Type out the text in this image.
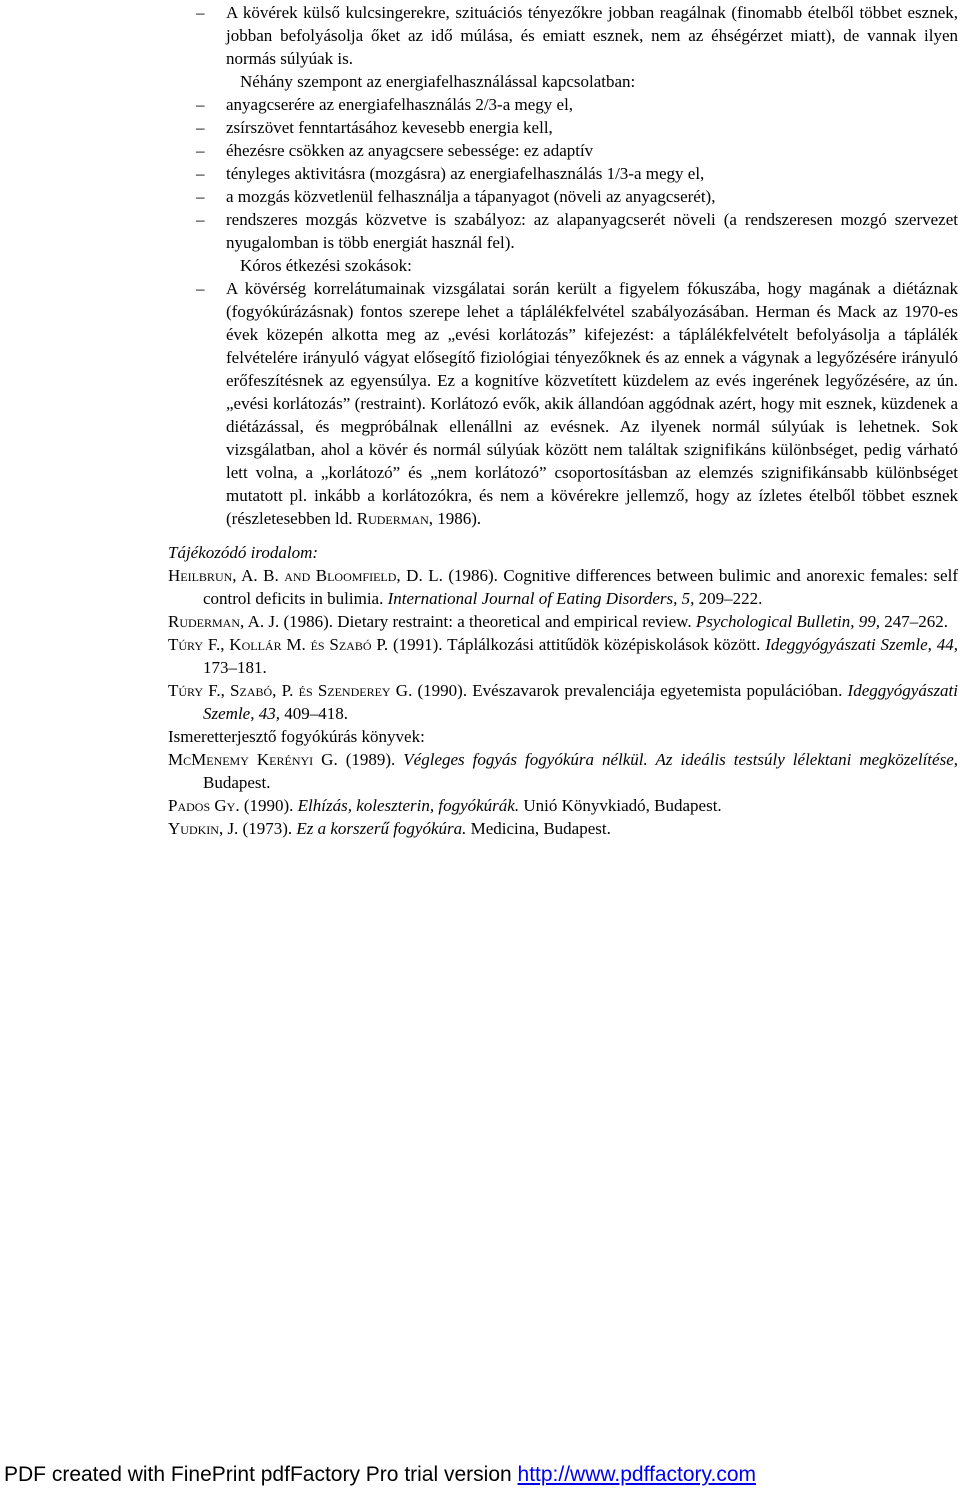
– A kövérek külső kulcsingerekre, szituációs tényezőkre jobban reagálnak (finomabb ételből többet esznek, jobban befolyásolja őket az idő múlása, és emiatt esznek, nem az éhségérzet miatt), de vannak ilyen normás súlyúak is.
Néhány szempont az energiafelhasználással kapcsolatban:
– anyagcserére az energiafelhasználás 2/3-a megy el,
– zsírszövet fenntartásához kevesebb energia kell,
– éhezésre csökken az anyagcsere sebessége: ez adaptív
– tényleges aktivitásra (mozgásra) az energiafelhasználás 1/3-a megy el,
– a mozgás közvetlenül felhasználja a tápanyagot (növeli az anyagcserét),
– rendszeres mozgás közvetve is szabályoz: az alapanyagcserét növeli (a rendszeresen mozgó szervezet nyugalomban is több energiát használ fel).
Kóros étkezési szokások:
– A kövérség korrelátumainak vizsgálatai során került a figyelem fókuszába, hogy magának a diétáznak (fogyókúrázásnak) fontos szerepe lehet a táplálékfelvétel szabályozásában. Herman és Mack az 1970-es évek közepén alkotta meg az „evési korlátozás” kifejezést: a táplálékfelvételt befolyásolja a táplálék felvételére irányuló vágyat elősegítő fiziológiai tényezőknek és az ennek a vágynak a legyőzésére irányuló erőfeszítésnek az egyensúlya. Ez a kognitíve közvetített küzdelem az evés ingerének legyőzésére, az ún. „evési korlátozás” (restraint). Korlátozó evők, akik állandóan aggódnak azért, hogy mit esznek, küzdenek a diétázással, és megpróbálnak ellenállni az evésnek. Az ilyenek normál súlyúak is lehetnek. Sok vizsgálatban, ahol a kövér és normál súlyúak között nem találtak szignifikáns különbséget, pedig várható lett volna, a „korlátozó” és „nem korlátozó” csoportosításban az elemzés szignifikánsabb különbséget mutatott pl. inkább a korlátozókra, és nem a kövérekre jellemző, hogy az ízletes ételből többet esznek (részletesebben ld. Ruderman, 1986).
Tájékozódó irodalom:
Heilbrun, A. B. and Bloomfield, D. L. (1986). Cognitive differences between bulimic and anorexic females: self control deficits in bulimia. International Journal of Eating Disorders, 5, 209–222.
Ruderman, A. J. (1986). Dietary restraint: a theoretical and empirical review. Psychological Bulletin, 99, 247–262.
Túry F., Kollár M. és Szabó P. (1991). Táplálkozási attitűdök középiskolások között. Ideggyógyászati Szemle, 44, 173–181.
Túry F., Szabó, P. és Szenderey G. (1990). Evészavarok prevalenciája egyetemista populációban. Ideggyógyászati Szemle, 43, 409–418.
Ismeretterjesztő fogyókúrás könyvek:
McMenemy Kerényi G. (1989). Végleges fogyás fogyókúra nélkül. Az ideális testsúly lélektani megközelítése, Budapest.
Pados Gy. (1990). Elhízás, koleszterin, fogyókúrák. Unió Könyvkiadó, Budapest.
Yudkin, J. (1973). Ez a korszerű fogyókúra. Medicina, Budapest.
PDF created with FinePrint pdfFactory Pro trial version http://www.pdffactory.com
